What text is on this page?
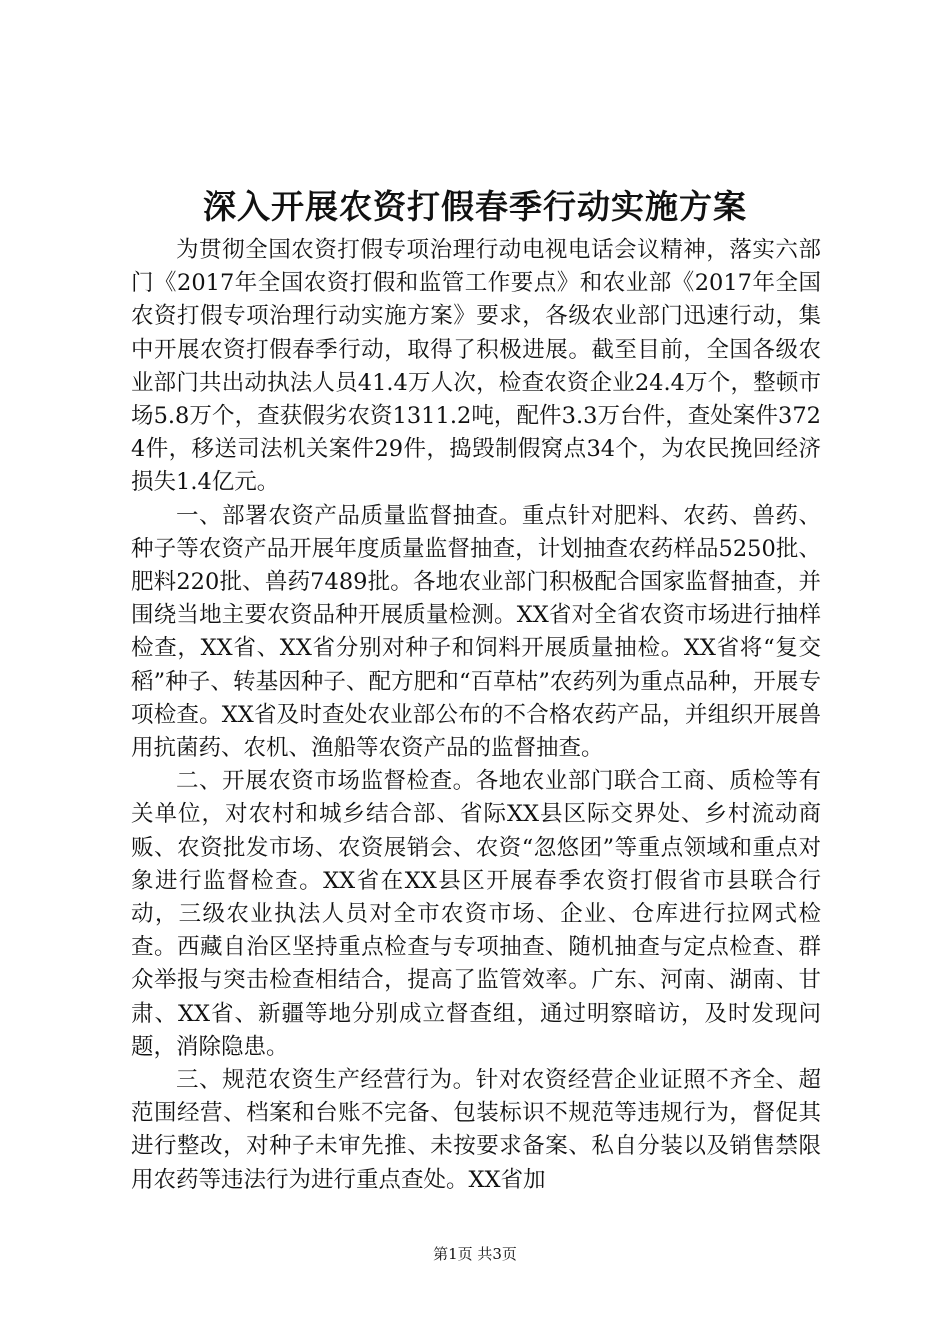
深入开展农资打假春季行动实施方案

为贯彻全国农资打假专项治理行动电视电话会议精神，落实六部门《2017年全国农资打假和监管工作要点》和农业部《2017年全国农资打假专项治理行动实施方案》要求，各级农业部门迅速行动，集中开展农资打假春季行动，取得了积极进展。截至目前，全国各级农业部门共出动执法人员41.4万人次，检查农资企业24.4万个，整顿市场5.8万个，查获假劣农资1311.2吨，配件3.3万台件，查处案件3724件，移送司法机关案件29件，捣毁制假窝点34个，为农民挽回经济损失1.4亿元。

一、部署农资产品质量监督抽查。重点针对肥料、农药、兽药、种子等农资产品开展年度质量监督抽查，计划抽查农药样品5250批、肥料220批、兽药7489批。各地农业部门积极配合国家监督抽查，并围绕当地主要农资品种开展质量检测。XX省对全省农资市场进行抽样检查，XX省、XX省分别对种子和饲料开展质量抽检。XX省将“复交稻”种子、转基因种子、配方肥和“百草枯”农药列为重点品种，开展专项检查。XX省及时查处农业部公布的不合格农药产品，并组织开展兽用抗菌药、农机、渔船等农资产品的监督抽查。

二、开展农资市场监督检查。各地农业部门联合工商、质检等有关单位，对农村和城乡结合部、省际XX县区际交界处、乡村流动商贩、农资批发市场、农资展销会、农资“忽悠团”等重点领域和重点对象进行监督检查。XX省在XX县区开展春季农资打假省市县联合行动，三级农业执法人员对全市农资市场、企业、仓库进行拉网式检查。西藏自治区坚持重点检查与专项抽查、随机抽查与定点检查、群众举报与突击检查相结合，提高了监管效率。广东、河南、湖南、甘肃、XX省、新疆等地分别成立督查组，通过明察暗访，及时发现问题，消除隐患。

三、规范农资生产经营行为。针对农资经营企业证照不齐全、超范围经营、档案和台账不完备、包装标识不规范等违规行为，督促其进行整改，对种子未审先推、未按要求备案、私自分装以及销售禁限用农药等违法行为进行重点查处。XX省加

第1页 共3页
